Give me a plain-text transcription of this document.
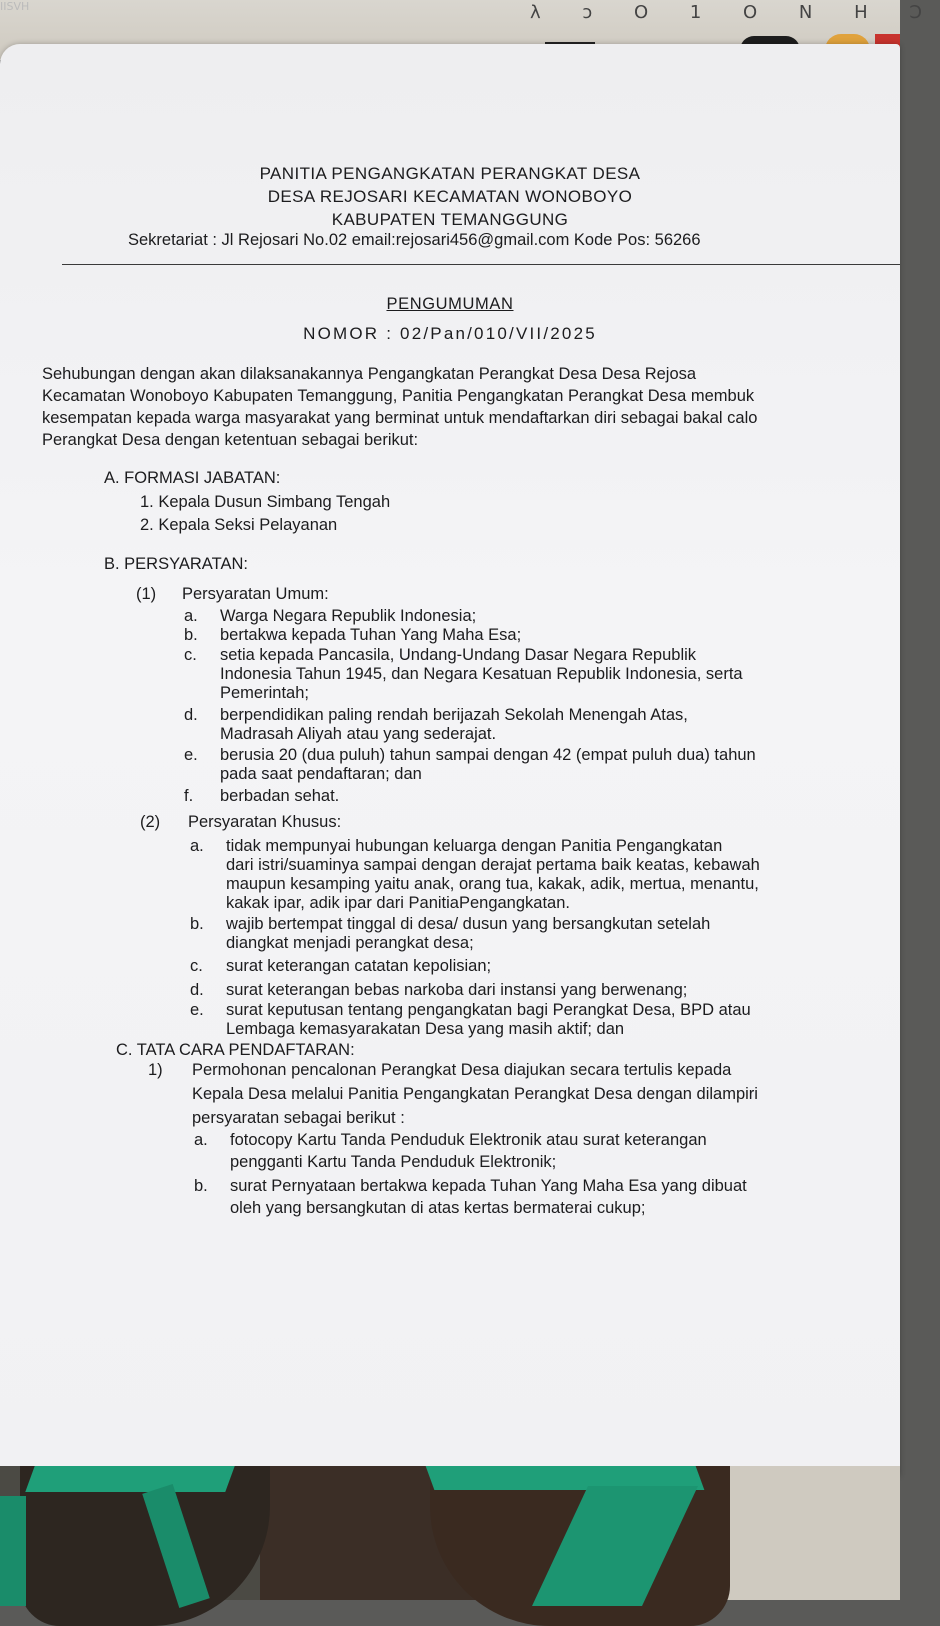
IISVH	λ ɔ O 1 O N H Ɔ
PANITIA PENGANGKATAN PERANGKAT DESA
DESA REJOSARI KECAMATAN WONOBOYO
KABUPATEN TEMANGGUNG
Sekretariat : Jl Rejosari No.02 email:rejosari456@gmail.com Kode Pos: 56266
PENGUMUMAN
NOMOR : 02/Pan/010/VII/2025
Sehubungan dengan akan dilaksanakannya Pengangkatan Perangkat Desa Desa Rejosa
Kecamatan Wonoboyo Kabupaten Temanggung, Panitia Pengangkatan Perangkat Desa membuk
kesempatan kepada warga masyarakat yang berminat untuk mendaftarkan diri sebagai bakal calo
Perangkat Desa dengan ketentuan sebagai berikut:
A. FORMASI JABATAN:
1. Kepala Dusun Simbang Tengah
2. Kepala Seksi Pelayanan
B. PERSYARATAN:
(1) Persyaratan Umum:
a. Warga Negara Republik Indonesia;
b. bertakwa kepada Tuhan Yang Maha Esa;
c. setia kepada Pancasila, Undang-Undang Dasar Negara Republik
Indonesia Tahun 1945, dan Negara Kesatuan Republik Indonesia, serta
Pemerintah;
d. berpendidikan paling rendah berijazah Sekolah Menengah Atas,
Madrasah Aliyah atau yang sederajat.
e. berusia 20 (dua puluh) tahun sampai dengan 42 (empat puluh dua) tahun
pada saat pendaftaran; dan
f. berbadan sehat.
(2) Persyaratan Khusus:
a. tidak mempunyai hubungan keluarga dengan Panitia Pengangkatan
dari istri/suaminya sampai dengan derajat pertama baik keatas, kebawah
maupun kesamping yaitu anak, orang tua, kakak, adik, mertua, menantu,
kakak ipar, adik ipar dari PanitiaPengangkatan.
b. wajib bertempat tinggal di desa/ dusun yang bersangkutan setelah
diangkat menjadi perangkat desa;
c. surat keterangan catatan kepolisian;
d. surat keterangan bebas narkoba dari instansi yang berwenang;
e. surat keputusan tentang pengangkatan bagi Perangkat Desa, BPD atau
Lembaga kemasyarakatan Desa yang masih aktif; dan
C. TATA CARA PENDAFTARAN:
1) Permohonan pencalonan Perangkat Desa diajukan secara tertulis kepada
Kepala Desa melalui Panitia Pengangkatan Perangkat Desa dengan dilampiri
persyaratan sebagai berikut :
a. fotocopy Kartu Tanda Penduduk Elektronik atau surat keterangan
pengganti Kartu Tanda Penduduk Elektronik;
b. surat Pernyataan bertakwa kepada Tuhan Yang Maha Esa yang dibuat
oleh yang bersangkutan di atas kertas bermaterai cukup;
